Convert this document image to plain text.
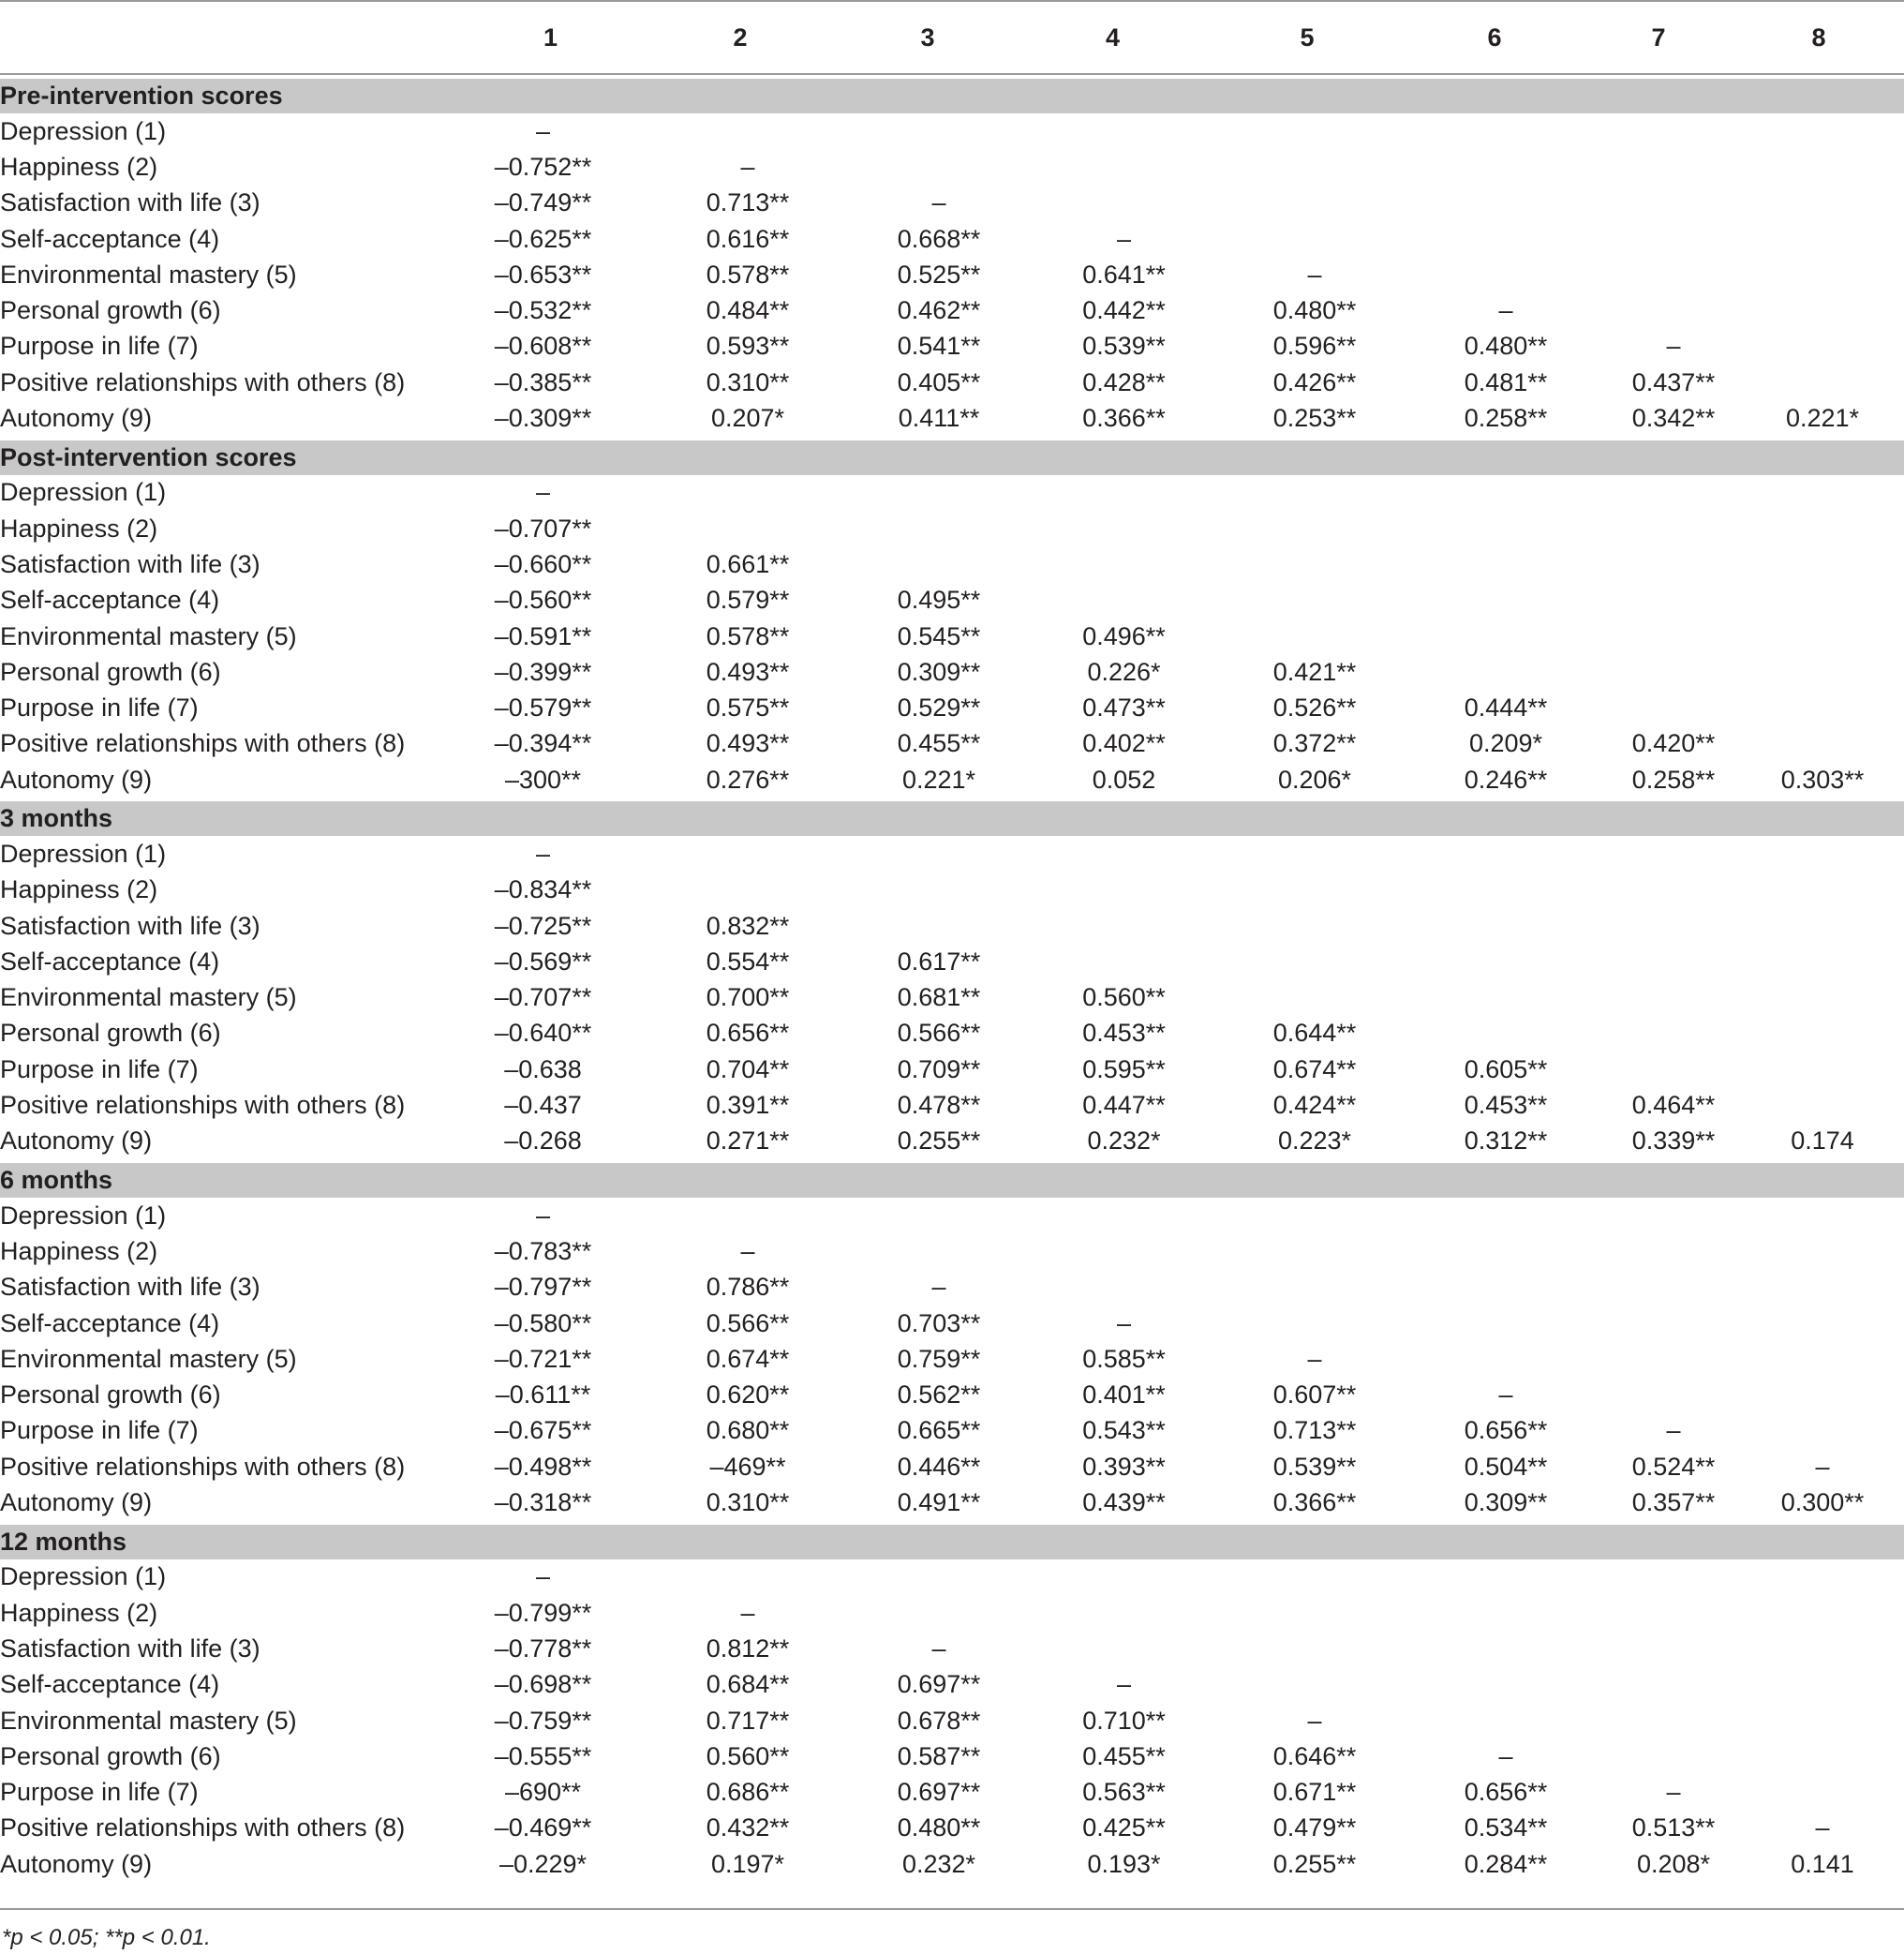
	1	2	3	4	5	6	7	8

Pre-intervention scores
Depression (1)	–							
Happiness (2)	–0.752**	–						
Satisfaction with life (3)	–0.749**	0.713**	–					
Self-acceptance (4)	–0.625**	0.616**	0.668**	–				
Environmental mastery (5)	–0.653**	0.578**	0.525**	0.641**	–			
Personal growth (6)	–0.532**	0.484**	0.462**	0.442**	0.480**	–		
Purpose in life (7)	–0.608**	0.593**	0.541**	0.539**	0.596**	0.480**	–	
Positive relationships with others (8)	–0.385**	0.310**	0.405**	0.428**	0.426**	0.481**	0.437**	
Autonomy (9)	–0.309**	0.207*	0.411**	0.366**	0.253**	0.258**	0.342**	0.221*

Post-intervention scores
Depression (1)	–							
Happiness (2)	–0.707**							
Satisfaction with life (3)	–0.660**	0.661**						
Self-acceptance (4)	–0.560**	0.579**	0.495**					
Environmental mastery (5)	–0.591**	0.578**	0.545**	0.496**				
Personal growth (6)	–0.399**	0.493**	0.309**	0.226*	0.421**			
Purpose in life (7)	–0.579**	0.575**	0.529**	0.473**	0.526**	0.444**		
Positive relationships with others (8)	–0.394**	0.493**	0.455**	0.402**	0.372**	0.209*	0.420**	
Autonomy (9)	–300**	0.276**	0.221*	0.052	0.206*	0.246**	0.258**	0.303**

3 months
Depression (1)	–							
Happiness (2)	–0.834**							
Satisfaction with life (3)	–0.725**	0.832**						
Self-acceptance (4)	–0.569**	0.554**	0.617**					
Environmental mastery (5)	–0.707**	0.700**	0.681**	0.560**				
Personal growth (6)	–0.640**	0.656**	0.566**	0.453**	0.644**			
Purpose in life (7)	–0.638	0.704**	0.709**	0.595**	0.674**	0.605**		
Positive relationships with others (8)	–0.437	0.391**	0.478**	0.447**	0.424**	0.453**	0.464**	
Autonomy (9)	–0.268	0.271**	0.255**	0.232*	0.223*	0.312**	0.339**	0.174

6 months
Depression (1)	–							
Happiness (2)	–0.783**	–						
Satisfaction with life (3)	–0.797**	0.786**	–					
Self-acceptance (4)	–0.580**	0.566**	0.703**	–				
Environmental mastery (5)	–0.721**	0.674**	0.759**	0.585**	–			
Personal growth (6)	–0.611**	0.620**	0.562**	0.401**	0.607**	–		
Purpose in life (7)	–0.675**	0.680**	0.665**	0.543**	0.713**	0.656**	–	
Positive relationships with others (8)	–0.498**	–469**	0.446**	0.393**	0.539**	0.504**	0.524**	–
Autonomy (9)	–0.318**	0.310**	0.491**	0.439**	0.366**	0.309**	0.357**	0.300**

12 months
Depression (1)	–							
Happiness (2)	–0.799**	–						
Satisfaction with life (3)	–0.778**	0.812**	–					
Self-acceptance (4)	–0.698**	0.684**	0.697**	–				
Environmental mastery (5)	–0.759**	0.717**	0.678**	0.710**	–			
Personal growth (6)	–0.555**	0.560**	0.587**	0.455**	0.646**	–		
Purpose in life (7)	–690**	0.686**	0.697**	0.563**	0.671**	0.656**	–	
Positive relationships with others (8)	–0.469**	0.432**	0.480**	0.425**	0.479**	0.534**	0.513**	–
Autonomy (9)	–0.229*	0.197*	0.232*	0.193*	0.255**	0.284**	0.208*	0.141
*p < 0.05; **p < 0.01.
